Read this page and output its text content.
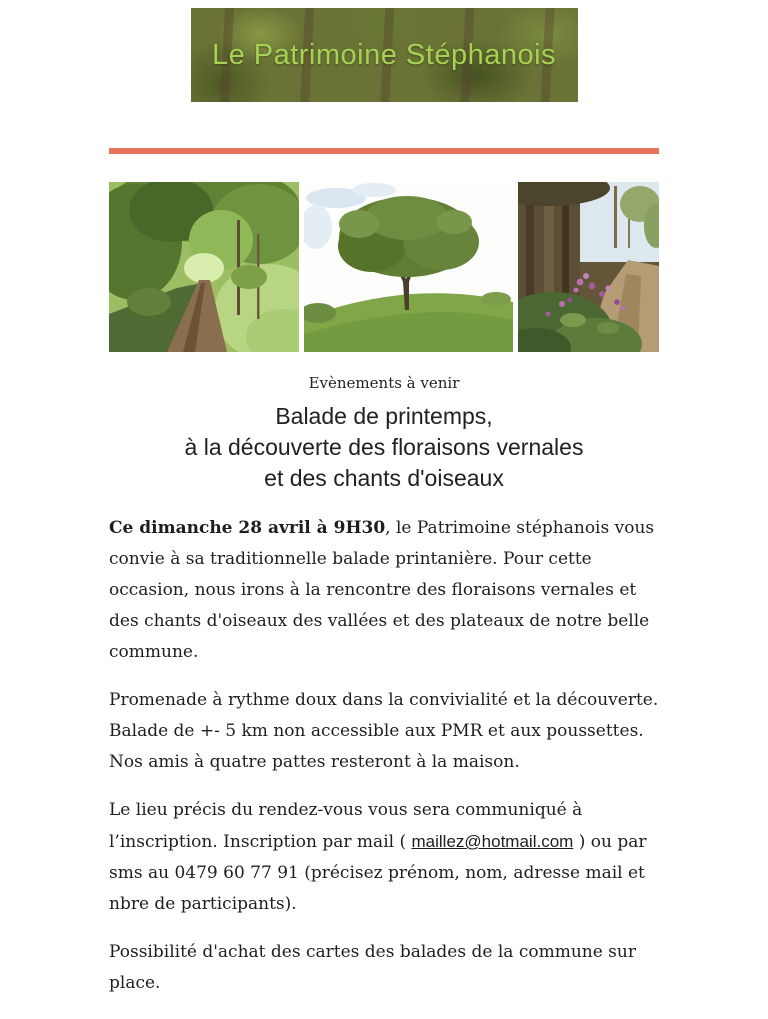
Le Patrimoine Stéphanois
Evènements à venir
Balade de printemps,
à la découverte des floraisons vernales
et des chants d'oiseaux

Ce dimanche 28 avril à 9H30, le Patrimoine stéphanois vous convie à sa traditionnelle balade printanière. Pour cette occasion, nous irons à la rencontre des floraisons vernales et des chants d'oiseaux des vallées et des plateaux de notre belle commune.

Promenade à rythme doux dans la convivialité et la découverte. Balade de +- 5 km non accessible aux PMR et aux poussettes. Nos amis à quatre pattes resteront à la maison.

Le lieu précis du rendez-vous vous sera communiqué à l’inscription. Inscription par mail ( maillez@hotmail.com ) ou par sms au 0479 60 77 91 (précisez prénom, nom, adresse mail et nbre de participants).

Possibilité d'achat des cartes des balades de la commune sur place.
